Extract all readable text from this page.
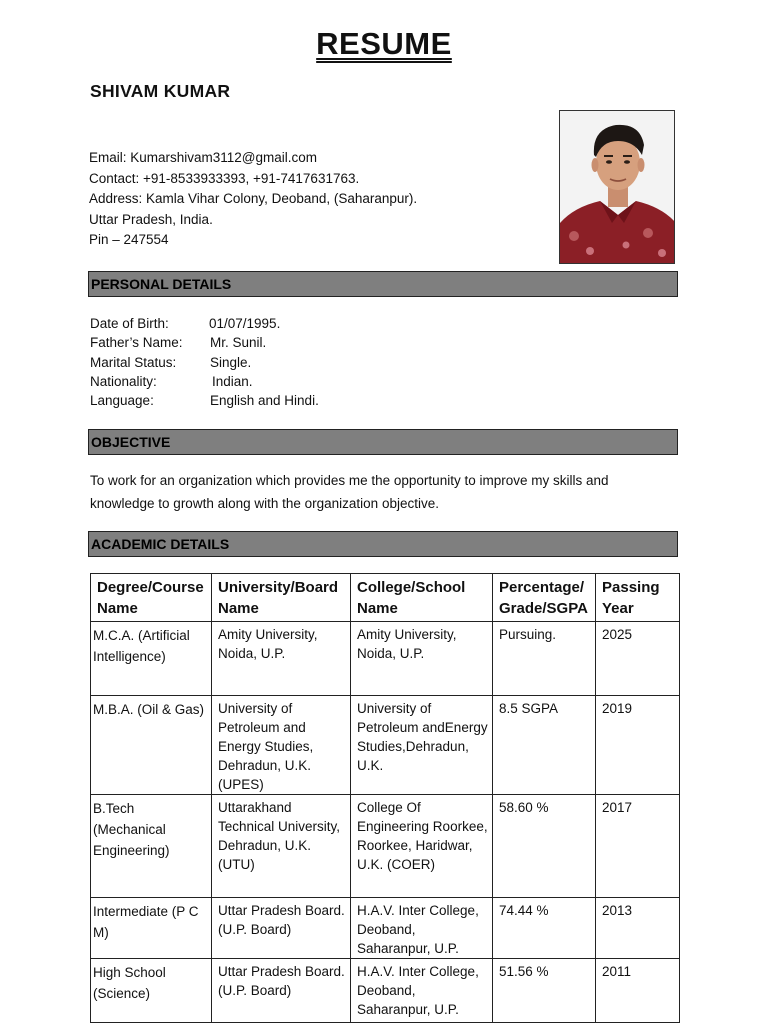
RESUME
SHIVAM KUMAR
Email: Kumarshivam3112@gmail.com
Contact: +91-8533933393, +91-7417631763.
Address: Kamla Vihar Colony, Deoband, (Saharanpur).
Uttar Pradesh, India.
Pin – 247554
PERSONAL DETAILS
Date of Birth:	01/07/1995.
Father’s Name: Mr. Sunil.
Marital Status: Single.
Nationality:	Indian.
Language:	English and Hindi.
OBJECTIVE
To work for an organization which provides me the opportunity to improve my skills and knowledge to growth along with the organization objective.
ACADEMIC DETAILS
Degree/Course Name	University/Board Name	College/School Name	Percentage/ Grade/SGPA	Passing Year
M.C.A. (Artificial Intelligence)	Amity University, Noida, U.P.	Amity University, Noida, U.P.	Pursuing.	2025
M.B.A. (Oil & Gas)	University of Petroleum and Energy Studies, Dehradun, U.K. (UPES)	University of Petroleum andEnergy Studies,Dehradun, U.K.	8.5 SGPA	2019
B.Tech (Mechanical Engineering)	Uttarakhand Technical University, Dehradun, U.K. (UTU)	College Of Engineering Roorkee, Roorkee, Haridwar, U.K. (COER)	58.60 %	2017
Intermediate (P C M)	Uttar Pradesh Board. (U.P. Board)	H.A.V. Inter College, Deoband, Saharanpur, U.P.	74.44 %	2013
High School (Science)	Uttar Pradesh Board. (U.P. Board)	H.A.V. Inter College, Deoband, Saharanpur, U.P.	51.56 %	2011
